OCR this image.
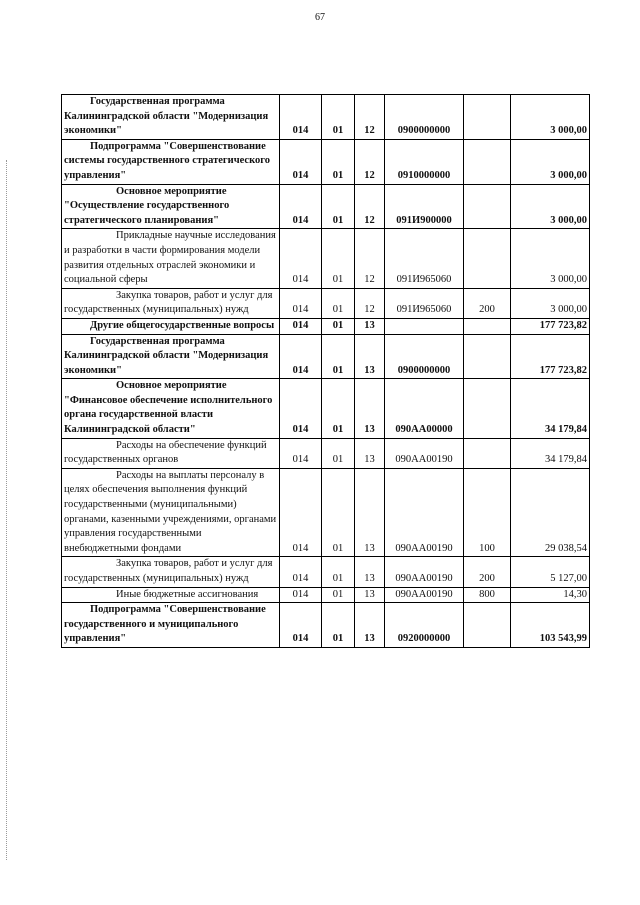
67
Государственная программа Калининградской области "Модернизация экономики"	014	01	12	0900000000		3 000,00

Подпрограмма "Совершенствование системы государственного стратегического управления"	014	01	12	0910000000		3 000,00

Основное мероприятие "Осуществление государственного стратегического планирования"	014	01	12	091И900000		3 000,00

Прикладные научные исследования и разработки в части формирования модели развития отдельных отраслей экономики и социальной сферы	014	01	12	091И965060		3 000,00

Закупка товаров, работ и услуг для государственных (муниципальных) нужд	014	01	12	091И965060	200	3 000,00

Другие общегосударственные вопросы	014	01	13			177 723,82

Государственная программа Калининградской области "Модернизация экономики"	014	01	13	0900000000		177 723,82

Основное мероприятие "Финансовое обеспечение исполнительного органа государственной власти Калининградской области"	014	01	13	090АА00000		34 179,84

Расходы на обеспечение функций государственных органов	014	01	13	090АА00190		34 179,84

Расходы на выплаты персоналу в целях обеспечения выполнения функций государственными (муниципальными) органами, казенными учреждениями, органами управления государственными внебюджетными фондами	014	01	13	090АА00190	100	29 038,54

Закупка товаров, работ и услуг для государственных (муниципальных) нужд	014	01	13	090АА00190	200	5 127,00

Иные бюджетные ассигнования	014	01	13	090АА00190	800	14,30

Подпрограмма "Совершенствование государственного и муниципального управления"	014	01	13	0920000000		103 543,99
